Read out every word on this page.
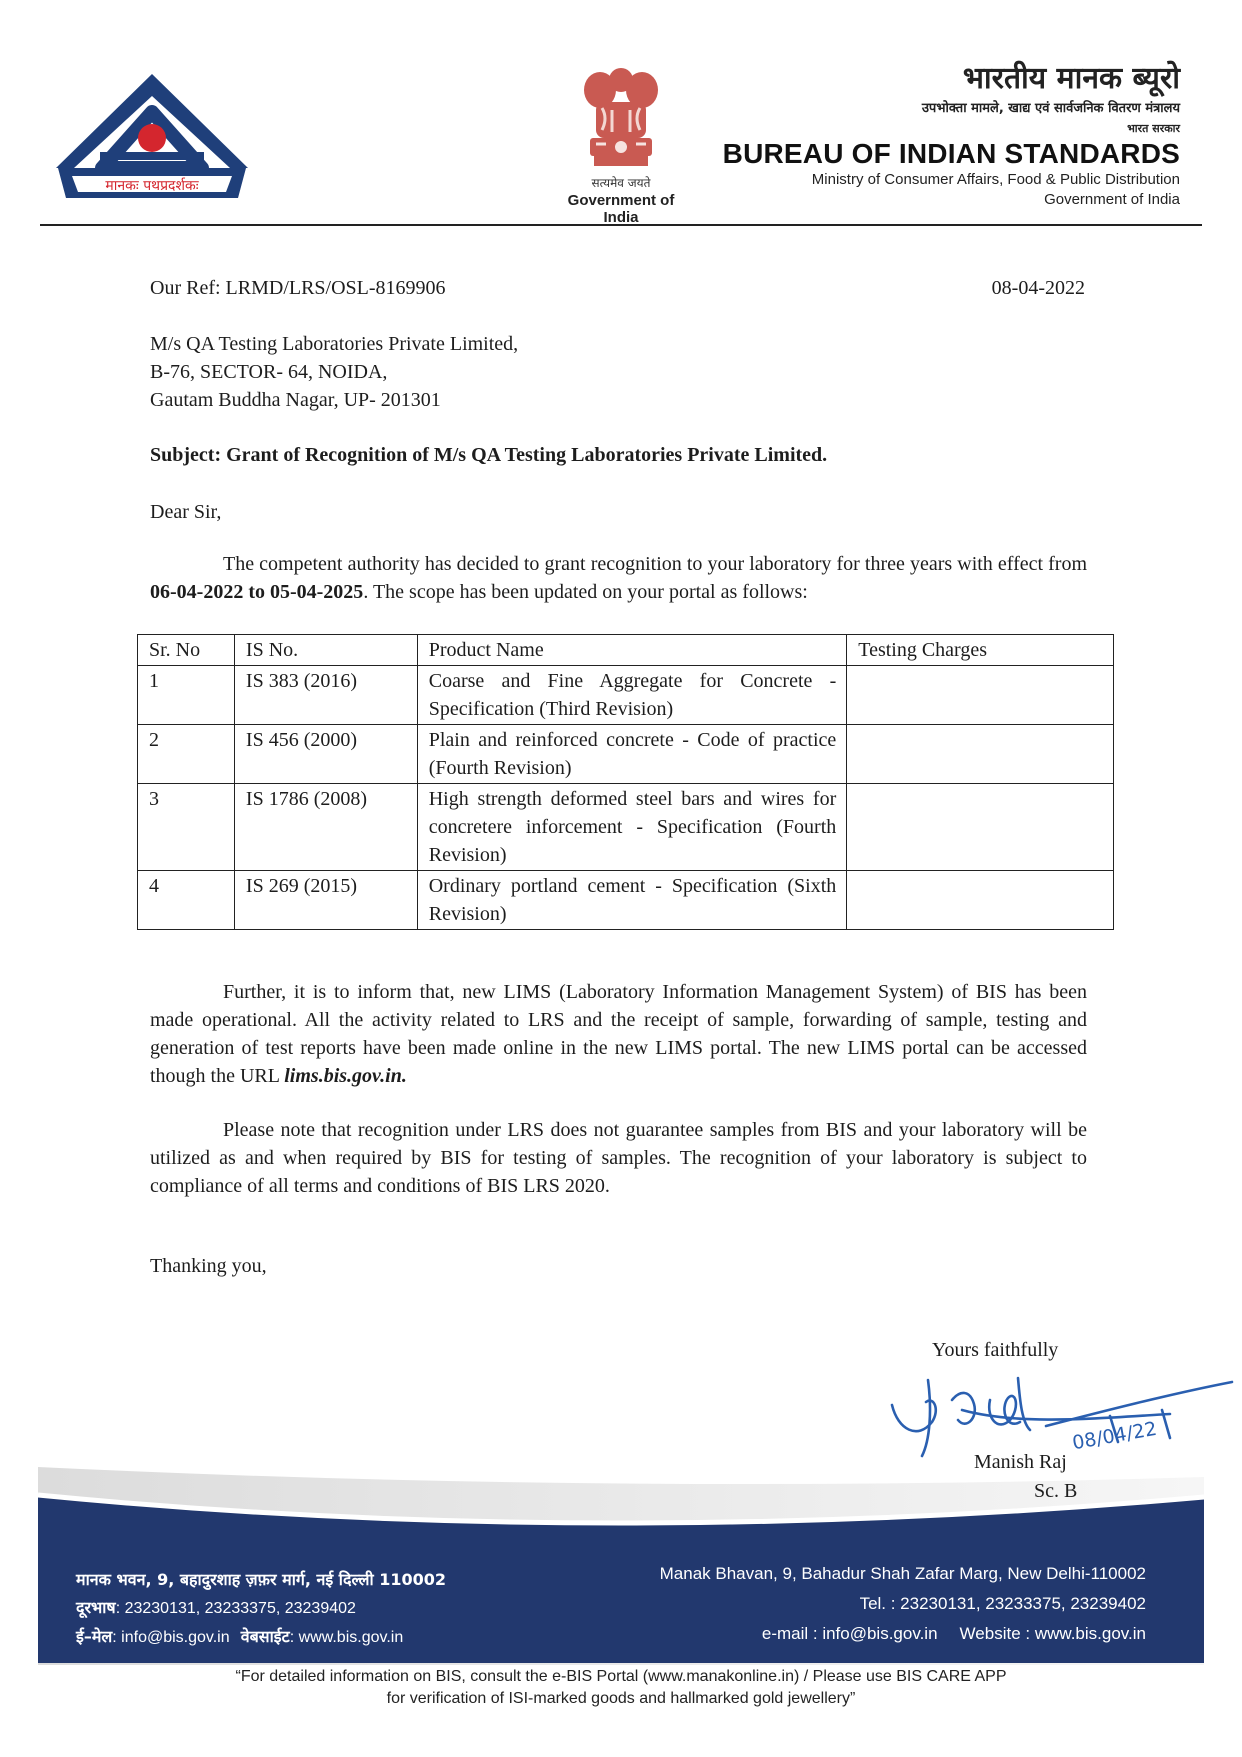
मानकः पथप्रदर्शकः	सत्यमेव जयते
Government of India
भारतीय मानक ब्यूरो
उपभोक्ता मामले, खाद्य एवं सार्वजनिक वितरण मंत्रालय
भारत सरकार
BUREAU OF INDIAN STANDARDS
Ministry of Consumer Affairs, Food & Public Distribution
Government of India
Our Ref: LRMD/LRS/OSL-8169906	08-04-2022
M/s QA Testing Laboratories Private Limited,
B-76, SECTOR- 64, NOIDA,
Gautam Buddha Nagar, UP- 201301
Subject: Grant of Recognition of M/s QA Testing Laboratories Private Limited.
Dear Sir,
The competent authority has decided to grant recognition to your laboratory for three years with effect from 06-04-2022 to 05-04-2025. The scope has been updated on your portal as follows:
Sr. No	IS No.	Product Name	Testing Charges
1	IS 383 (2016)	Coarse and Fine Aggregate for Concrete - Specification (Third Revision)	
2	IS 456 (2000)	Plain and reinforced concrete - Code of practice (Fourth Revision)	
3	IS 1786 (2008)	High strength deformed steel bars and wires for concretere inforcement - Specification (Fourth Revision)	
4	IS 269 (2015)	Ordinary portland cement - Specification (Sixth Revision)	
Further, it is to inform that, new LIMS (Laboratory Information Management System) of BIS has been made operational. All the activity related to LRS and the receipt of sample, forwarding of sample, testing and generation of test reports have been made online in the new LIMS portal. The new LIMS portal can be accessed though the URL lims.bis.gov.in.
Please note that recognition under LRS does not guarantee samples from BIS and your laboratory will be utilized as and when required by BIS for testing of samples. The recognition of your laboratory is subject to compliance of all terms and conditions of BIS LRS 2020.
Thanking you,
मानक भवन, 9, बहादुरशाह ज़फ़र मार्ग, नई दिल्ली 110002
दूरभाष: 23230131, 23233375, 23239402
ई–मेल: info@bis.gov.in वेबसाईट: www.bis.gov.in
Manak Bhavan, 9, Bahadur Shah Zafar Marg, New Delhi-110002
Tel. : 23230131, 23233375, 23239402
e-mail : info@bis.gov.in Website : www.bis.gov.in
“For detailed information on BIS, consult the e-BIS Portal (www.manakonline.in) / Please use BIS CARE APP
for verification of ISI-marked goods and hallmarked gold jewellery”
Yours faithfully
08/04/22
Manish Raj
Sc. B
